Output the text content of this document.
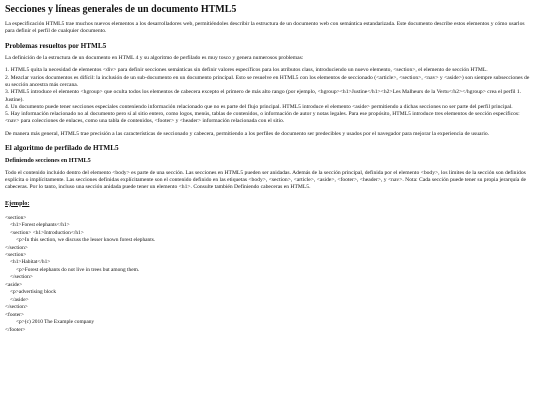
Secciones y líneas generales de un documento HTML5

La especificación HTML5 trae muchos nuevos elementos a los desarrolladores web, permitiéndoles describir la estructura de un documento web con semántica estandarizada. Este documento describe estos elementos y cómo usarlos para definir el perfil de cualquier documento.

Problemas resueltos por HTML5

La definición de la estructura de un documento en HTML 4 y su algoritmo de perfilado es muy tosco y genera numerosos problemas:

1. HTML5 quita la necesidad de elementos <div> para definir secciones semánticas sin definir valores específicos para los atributos class, introduciendo un nuevo elemento, <section>, el elemento de sección HTML.
2. Mezclar varios documentos es difícil: la inclusión de un sub-documento en un documento principal. Esto se resuelve en HTML5 con los elementos de seccionado (<article>, <section>, <nav> y <aside>) son siempre subsecciones de su sección ancestra más cercana.
3. HTML5 introduce el elemento <hgroup> que oculta todos los elementos de cabecera excepto el primero de más alto rango (por ejemplo, <hgroup><h1>Justine</h1><h2>Les Malheurs de la Vertu</h2></hgroup> crea el perfil 1. Justine).
4. Un documento puede tener secciones especiales conteniendo información relacionado que no es parte del flujo principal. HTML5 introduce el elemento <aside> permitiendo a dichas secciones no ser parte del perfil principal.
5. Hay información relacionado no al documento pero sí al sitio entero, como logos, menús, tablas de contenidos, o información de autor y notas legales. Para ese propósito, HTML5 introduce tres elementos de sección específicos: <nav> para colecciones de enlaces, como una tabla de contenidos, <footer> y <header> información relacionada con el sitio.

De manera más general, HTML5 trae precisión a las características de seccionado y cabecera, permitiendo a los perfiles de documento ser predecibles y usados por el navegador para mejorar la experiencia de usuario.

El algoritmo de perfilado de HTML5
Definiendo secciones en HTML5

Todo el contenido incluido dentro del elemento <body> es parte de una sección. Las secciones en HTML5 pueden ser anidadas. Además de la sección principal, definida por el elemento <body>, los límites de la sección son definidos explícita o implícitamente. Las secciones definidas explícitamente son el contenido definido en las etiquetas <body>, <section>, <article>, <aside>, <footer>, <header>, y <nav>. Nota: Cada sección puede tener su propia jerarquía de cabeceras. Por lo tanto, incluso una sección anidada puede tener un elemento <h1>. Consulte también Definiendo cabeceras en HTML5.

Ejemplo:
<section>
<h1>Forest elephants</h1>
<section> <h1>Introduction</h1>
<p>In this section, we discuss the lesser known forest elephants.
</section>
<section>
<h1>Habitat</h1>
<p>Forest elephants do not live in trees but among them.
</section>
<aside>
<p>advertising block
</aside>
</section>
<footer>
<p>(c) 2010 The Example company
</footer>
